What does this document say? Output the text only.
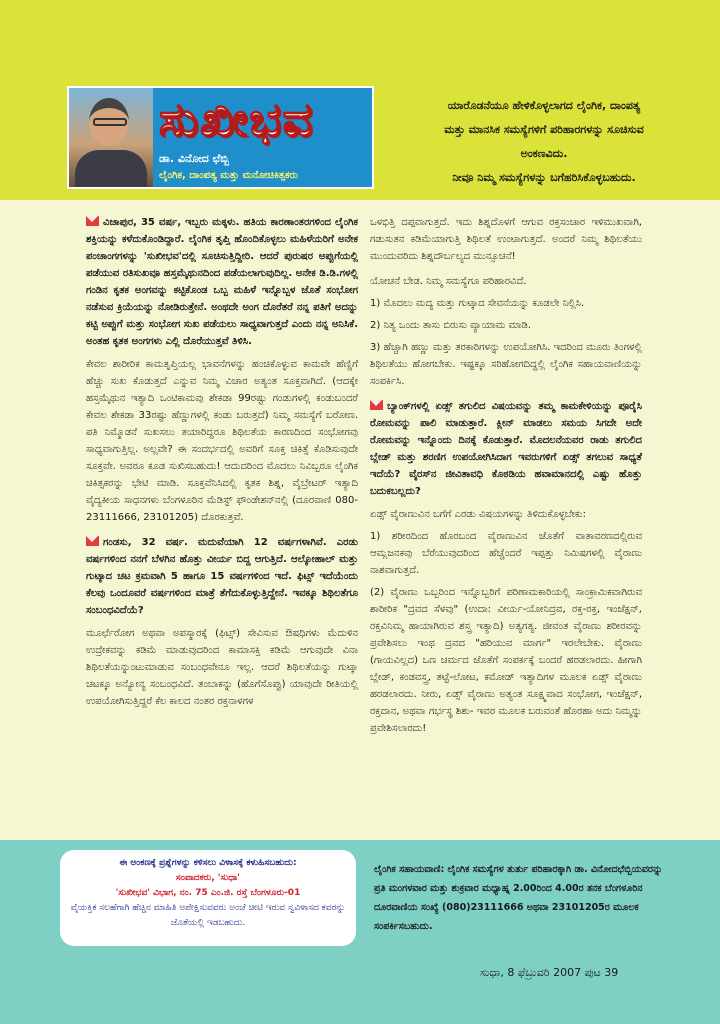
ಸುಖೀಭವ
ಡಾ. ವಿನೋದ ಛೆಬ್ಬಿ
ಲೈಂಗಿಕ, ದಾಂಪತ್ಯ ಮತ್ತು ಮನೋಚಿಕಿತ್ಸಕರು
ಯಾರೊಡನೆಯೂ ಹೇಳಿಕೊಳ್ಳಲಾಗದ ಲೈಂಗಿಕ, ದಾಂಪತ್ಯ
ಮತ್ತು ಮಾನಸಿಕ ಸಮಸ್ಯೆಗಳಿಗೆ ಪರಿಹಾರಗಳನ್ನು ಸೂಚಿಸುವ
ಅಂಕಣವಿದು.
ನೀವೂ ನಿಮ್ಮ ಸಮಸ್ಯೆಗಳನ್ನು ಬಗೆಹರಿಸಿಕೊಳ್ಳಬಹುದು.
ವಿಜಾಪುರ, 35 ವರ್ಷ, ಇಬ್ಬರು ಮಕ್ಕಳು. ಹತಿಯ ಕಾರಣಾಂತರಗಳಿಂದ ಲೈಂಗಿಕ ಶಕ್ತಿಯನ್ನು ಕಳೆದುಕೊಂಡಿದ್ದಾರೆ. ಲೈಂಗಿಕ ತೃಪ್ತಿ ಹೊಂದಿಕೊಳ್ಳಲು ಮಹಿಳೆಯರಿಗೆ ಅನೇಕ ಪಂಚಾಂಗಗಳನ್ನು 'ಸುಖೀಭವ'ದಲ್ಲಿ ಸೂಚಿಸುತ್ತಿದ್ದೀರಿ. ಆದರೆ ಪುರುಷರ ಅಪ್ಪುಗೆಯಲ್ಲಿ ಪಡೆಯುವ ರತಿಸುಖವೂ ಹಸ್ತಮೈಥುನದಿಂದ ಪಡೆಯಲಾಗುವುದಿಲ್ಲ. ಅನೇಕ ಡಿ.ಡಿ.ಗಳಲ್ಲಿ ಗಂಡಿನ ಕೃತಕ ಅಂಗವನ್ನು ಕಟ್ಟಿಕೊಂಡ ಒಬ್ಬ ಮಹಿಳೆ ಇನ್ನೊಬ್ಬಳ ಜೊತೆ ಸಂಭೋಗ ನಡೆಸುವ ಕ್ರಿಯೆಯನ್ನು ನೋಡಿರುತ್ತೇನೆ. ಅಂಥದೇ ಅಂಗ ದೊರೆತರೆ ನನ್ನ ಪತಿಗೆ ಅದನ್ನು ಕಟ್ಟಿ ಅಪ್ಪುಗೆ ಮತ್ತು ಸಂಭೋಗ ಸುಖ ಪಡೆಯಲು ಸಾಧ್ಯವಾಗುತ್ತದೆ ಎಂದು ನನ್ನ ಅನಿಸಿಕೆ. ಅಂತಹ ಕೃತಕ ಅಂಗಗಳು ಎಲ್ಲಿ ದೊರೆಯುತ್ತವೆ ತಿಳಿಸಿ.
ಕೇವಲ ಶಾರೀರಿಕ ಕಾಮತೃಪ್ತಿಯಲ್ಲ ಭಾವನೆಗಳನ್ನು ಹಂಚಿಕೊಳ್ಳುವ ಕಾಮವೇ ಹೆಣ್ಣಿಗೆ ಹೆಚ್ಚು ಸುಖ ಕೊಡುತ್ತದೆ ಎನ್ನುವ ನಿಮ್ಮ ವಿಚಾರ ಅತ್ಯಂತ ಸೂಕ್ತವಾಗಿದೆ. (ಆದಕ್ಕೇ ಹಸ್ತಮೈಥುನ ಇತ್ಯಾದಿ ಒಂಟಿಕಾಮವು ಶೇಕಡಾ 99ರಷ್ಟು ಗಂಡುಗಳಲ್ಲಿ ಕಂಡುಬಂದರೆ ಕೇವಲ ಶೇಕಡಾ 33ರಷ್ಟು ಹೆಣ್ಣುಗಳಲ್ಲಿ ಕಂಡು ಬರುತ್ತದೆ) ನಿಮ್ಮ ಸಮಸ್ಯೆಗೆ ಬರೋಣ. ಪತಿ ನಿಮ್ಮೊಡನೆ ಸುಖಸಲು ತಯಾರಿದ್ದರೂ ಶಿಥಿಲತೆಯ ಕಾರಣದಿಂದ ಸಂಭೋಗವು ಸಾಧ್ಯವಾಗುತ್ತಿಲ್ಲ. ಅಲ್ಲವೇ? ಈ ಸಂದರ್ಭದಲ್ಲಿ ಅವರಿಗೆ ಸೂಕ್ತ ಚಿಕಿತ್ಸೆ ಕೊಡಿಸುವುದೇ ಸೂಕ್ತವೇ. ಅವರೂ ಕೂಡ ಸುಖಿಸಬಹುದು! ಆದುದರಿಂದ ಮೊದಲು ನಿವಿಬ್ಬರೂ ಲೈಂಗಿಕ ಚಿಕಿತ್ಸಕರನ್ನು ಭೇಟಿ ಮಾಡಿ. ಸೂಕ್ತವೆನಿಸಿದಲ್ಲಿ ಕೃತಕ ಶಿಶ್ನ, ವೈಬ್ರೇಟರ್ ಇತ್ಯಾದಿ ವೈದ್ಯಕೀಯ ಸಾಧನಗಳು ಬೆಂಗಳೂರಿನ ಮೆಡಿಸ್ಟ್ ಫೌಂಡೇಶನ್‌ನಲ್ಲಿ (ದೂರವಾಣಿ 080-23111666, 23101205) ದೊರಕುತ್ತವೆ.
ಗಂಡಸು, 32 ವರ್ಷ. ಮದುವೆಯಾಗಿ 12 ವರ್ಷಗಳಾಗಿವೆ. ಎರಡು ವರ್ಷಗಳಿಂದ ನನಗೆ ಬೆಳಗಿನ ಹೊತ್ತು ವೀರ್ಯ ಬಿದ್ದ ಆಗುತ್ತಿದೆ. ಆಲ್ಕೋಹಾಲ್ ಮತ್ತು ಗುಟ್ಕಾದ ಚಟ ಕ್ರಮವಾಗಿ 5 ಹಾಗೂ 15 ವರ್ಷಗಳಿಂದ ಇದೆ. ಫಿಟ್ಸ್ ಇದೆಯೆಂದು ಕೆಲವು ಒಂದೂವರೆ ವರ್ಷಗಳಿಂದ ಮಾತ್ರೆ ತೆಗೆದುಕೊಳ್ಳುತ್ತಿದ್ದೇನೆ. ಇವಕ್ಕೂ ಶಿಥಿಲತೆಗೂ ಸಂಬಂಧವಿದೆಯೆ?
ಮೂರ್ಛೆರೋಗ ಅಥವಾ ಅಪಸ್ಮಾರಕ್ಕೆ (ಫಿಟ್ಸ್) ಸೇವಿಸುವ ಔಷಧಿಗಳು ಮೆದುಳಿನ ಉದ್ರೇಕವನ್ನು ಕಡಿಮೆ ಮಾಡುವುದರಿಂದ ಕಾಮಾಸಕ್ತಿ ಕಡಿಮೆ ಆಗುವುದೇ ವಿನಾ ಶಿಥಿಲತೆಯನ್ನುಂಟುಮಾಡುವ ಸಂಬಂಧವೇನೂ ಇಲ್ಲ. ಆದರೆ ಶಿಥಿಲತೆಯನ್ನು ಗುಟ್ಕಾ ಚಟಕ್ಕೂ ಅನ್ಯೋನ್ಯ ಸಂಬಂಧವಿದೆ. ತಂಬಾಕನ್ನು (ಹೊಗೆಸೊಪ್ಪು) ಯಾವುದೇ ರೀತಿಯಲ್ಲಿ ಉಪಯೋಗಿಸುತ್ತಿದ್ದರೆ ಕೆಲ ಕಾಲದ ನಂತರ ರಕ್ತನಾಳಗಳ
ಒಳಭಿತ್ತಿ ದಪ್ಪವಾಗುತ್ತದೆ. ಇದು ಶಿಶ್ನದೊಳಗೆ ಆಗುವ ರಕ್ತಸಂಚಾರ ಇಳಿಮುಖವಾಗಿ, ಗಡುಸುತನ ಕಡಿಮೆಯಾಗುತ್ತಿ ಶಿಥಿಲತೆ ಉಂಟಾಗುತ್ತದೆ. ಅಂದರೆ ನಿಮ್ಮ ಶಿಥಿಲತೆಯು ಮುಂದುವರಿದು ಶಿಶ್ನದೌರ್ಬಲ್ಯದ ಮುನ್ಸೂಚನೆ!
ಯೋಚನೆ ಬೇಡ. ನಿಮ್ಮ ಸಮಸ್ಯೆಗೂ ಪರಿಹಾರವಿದೆ.
1) ಮೊದಲು ಮದ್ಯ ಮತ್ತು ಗುಟ್ಕಾದ ಸೇವನೆಯನ್ನು ಕೂಡಲೇ ನಿಲ್ಲಿಸಿ.
2) ನಿತ್ಯ ಒಂದು ತಾಸು ಬಿರುಸು ವ್ಯಾಯಾಮ ಮಾಡಿ.
3) ಹೆಚ್ಚಾಗಿ ಹಣ್ಣು ಮತ್ತು ತರಕಾರಿಗಳನ್ನು ಉಪಯೋಗಿಸಿ. ಇದರಿಂದ ಮೂರು ತಿಂಗಳಲ್ಲಿ ಶಿಥಿಲತೆಯು ಹೋಗಬೇಕು. ಇಷ್ಟಕ್ಕೂ ಸರಿಹೋಗದಿದ್ದಲ್ಲಿ ಲೈಂಗಿಕ ಸಹಾಯವಾಣಿಯನ್ನು ಸಂಪರ್ಕಿಸಿ.
ಬ್ಯಾಂಕ್‌ಗಳಲ್ಲಿ ಏಡ್ಸ್ ತಗುಲಿದ ವಿಷಯವನ್ನು ತಮ್ಮ ಕಾಮಕೇಳಿಯನ್ನು ಪೂರೈಸಿ ರೋಮವನ್ನು ಪಾಲಿ ಮಾಡುತ್ತಾರೆ. ಕ್ಲೀನ್ ಮಾಡಲು ಸಮಯ ಸಿಗದೇ ಅದೇ ರೋಮವನ್ನು ಇನ್ನೊಂದು ದಿನಕ್ಕೆ ಕೊಡುತ್ತಾರೆ. ಮೊದಲನೆಯವರ ರಾಡು ತಗುಲಿದ ಬ್ಲೇಡ್ ಮತ್ತು ಶರಣಿಗ ಉಪಯೋಗಿಸಿದಾಗ ಇವರುಗಳಿಗೆ ಏಡ್ಸ್ ತಗಲುವ ಸಾಧ್ಯತೆ ಇದೆಯೆ? ವೈರಸ್‌ನ ಜೀವಿತಾವಧಿ ಕೊಠಡಿಯ ಹವಾಮಾನದಲ್ಲಿ ಎಷ್ಟು ಹೊತ್ತು ಬದುಕಬಲ್ಲದು?
ಏಡ್ಸ್ ವೈರಾಣುವಿನ ಬಗೆಗೆ ಎರಡು ವಿಷಯಗಳನ್ನು ತಿಳಿದುಕೊಳ್ಳಬೇಕು:
1) ಶರೀರದಿಂದ ಹೊರಬಂದ ವೈರಾಣುವಿನ ಜೊತೆಗೆ ವಾತಾವರಣದಲ್ಲಿರುವ ಆಮ್ಲಜನಕವು ಬೆರೆಯುವುದರಿಂದ ಹೆಚ್ಚೆಂದರೆ ಇಪ್ಪತ್ತು ನಿಮಿಷಗಳಲ್ಲಿ ವೈರಾಣು ನಾಶವಾಗುತ್ತದೆ.
(2) ವೈರಾಣು ಒಬ್ಬರಿಂದ ಇನ್ನೊಬ್ಬರಿಗೆ ಪರಿಣಾಮಕಾರಿಯಲ್ಲಿ ಸಾಂಕ್ರಾಮಿಕವಾಗಿರುವ ಶಾರೀರಿಕ "ದ್ರವದ ಸೆಳವು" (ಉದಾ: ವೀರ್ಯ-ಯೋನಿದ್ರವ, ರಕ್ತ-ರಕ್ತ, ಇಂಜೆಕ್ಷನ್, ರಕ್ತವಿನಿಮ್ಮ ಹಾಯಾಗಿರುವ ಶಸ್ತ್ರ ಇತ್ಯಾದಿ) ಅತ್ಯಗತ್ಯ. ಜೀವಂತ ವೈರಾಣು ಶರೀರವನ್ನು ಪ್ರವೇಶಿಸಲು ಇಂಥ ದ್ರವದ "ಹರಿಯುವ ಮಾರ್ಗ" ಇರಲೇಬೇಕು. ವೈರಾಣು (ಗಾಯವಿಲ್ಲದ) ಒಣ ಚರ್ಮದ ಜೊತೆಗೆ ಸಂಪರ್ಕಕ್ಕೆ ಬಂದರೆ ಹರಡಲಾರದು. ಹೀಗಾಗಿ ಬ್ಲೇಡ್, ಕಂಡವಸ್ತ್ರ, ತಟ್ಟೆ-ಲೋಟ, ಕಮೋಡ್ ಇತ್ಯಾದಿಗಳ ಮೂಲಕ ಏಡ್ಸ್ ವೈರಾಣು ಹರಡಲಾರದು. ನೀರು, ಏಡ್ಸ್ ವೈರಾಣು ಅತ್ಯಂತ ಸೂಕ್ಷ್ಮವಾದ ಸಂಭೋಗ, ಇಂಜೆಕ್ಷನ್, ರಕ್ತದಾನ, ಅಥವಾ ಗರ್ಭಸ್ಥ ಶಿಶು- ಇವರ ಮೂಲಕ ಬರುವಂತೆ ಹೊರಹಾ ಅದು ನಿಮ್ಮನ್ನು ಪ್ರವೇಶಿಸಲಾರದು!
ಈ ಅಂಕಣಕ್ಕೆ ಪ್ರಶ್ನೆಗಳನ್ನು ಕಳಿಸಲು ವಿಳಾಸಕ್ಕೆ ಕಳುಹಿಸಬಹುದು:
ಸಂಪಾದಕರು, 'ಸುಧಾ'
'ಸುಖೀಭವ' ವಿಭಾಗ, ನಂ. 75 ಎಂ.ಜಿ. ರಸ್ತೆ ಬೆಂಗಳೂರು-01
ವೈಯಕ್ತಿಕ ಸಲಹೆಗಾಗಿ ಹೆಚ್ಚಿನ ಮಾಹಿತಿ ಅಪೇಕ್ಷಿಸುವವರು ಅಂಚೆ ಚೀಟಿ ಇರುವ ಸ್ವವಿಳಾಸದ ಕವರನ್ನು ಜೊತೆಯಲ್ಲಿ ಇಡಬಹುದು.
ಲೈಂಗಿಕ ಸಹಾಯವಾಣಿ: ಲೈಂಗಿಕ ಸಮಸ್ಯೆಗಳ ತುರ್ತು ಪರಿಹಾರಕ್ಕಾಗಿ ಡಾ. ವಿನೋದಛೆಬ್ಬಿಯವರನ್ನು ಪ್ರತಿ ಮಂಗಳವಾರ ಮತ್ತು ಶುಕ್ರವಾರ ಮಧ್ಯಾಹ್ನ 2.00ರಿಂದ 4.00ರ ತನಕ ಬೆಂಗಳೂರಿನ ದೂರವಾಣಿಯ ಸಂಖ್ಯೆ (080)23111666 ಅಥವಾ 23101205ರ ಮೂಲಕ ಸಂಪರ್ಕಿಸಬಹುದು.
ಸುಧಾ, 8 ಫೆಬ್ರುವರಿ 2007 ಪುಟ 39
